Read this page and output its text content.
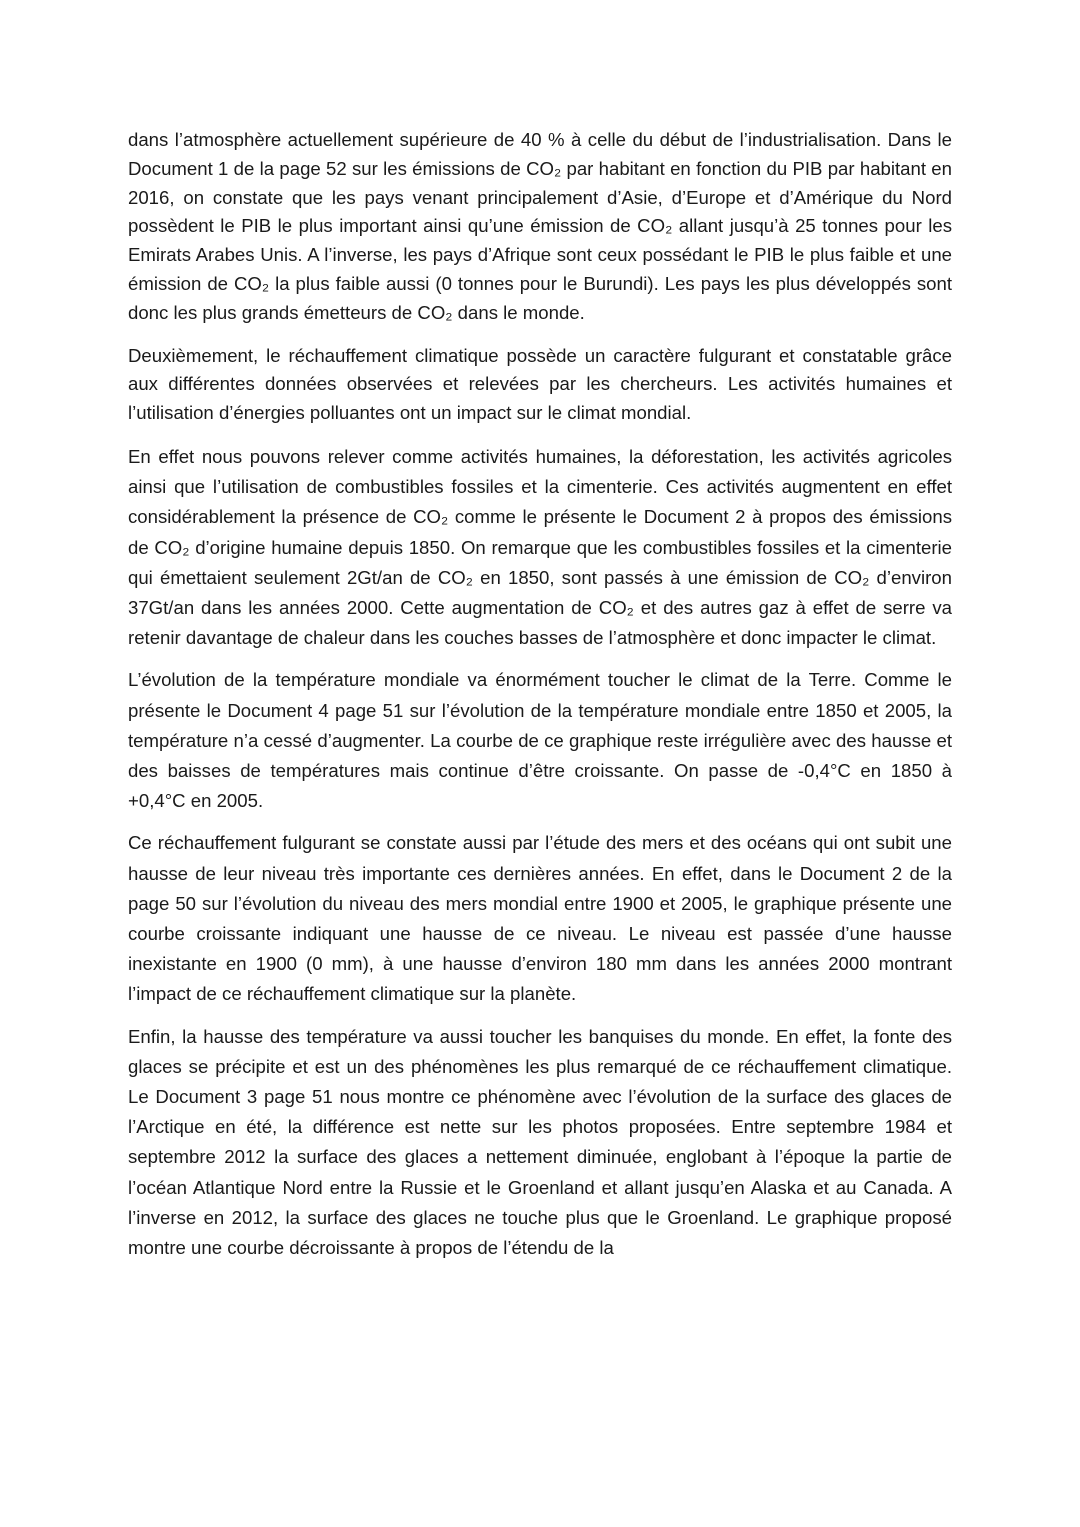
dans l’atmosphère actuellement supérieure de 40 % à celle du début de l’industrialisation. Dans le Document 1 de la page 52 sur les émissions de CO₂ par habitant en fonction du PIB par habitant en 2016, on constate que les pays venant principalement d’Asie, d’Europe et d’Amérique du Nord possèdent le PIB le plus important ainsi qu’une émission de CO₂ allant jusqu’à 25 tonnes pour les Emirats Arabes Unis. A l’inverse, les pays d’Afrique sont ceux possédant le PIB le plus faible et une émission de CO₂ la plus faible aussi (0 tonnes pour le Burundi). Les pays les plus développés sont donc les plus grands émetteurs de CO₂ dans le monde.

Deuxièmement, le réchauffement climatique possède un caractère fulgurant et constatable grâce aux différentes données observées et relevées par les chercheurs. Les activités humaines et l’utilisation d’énergies polluantes ont un impact sur le climat mondial.

En effet nous pouvons relever comme activités humaines, la déforestation, les activités agricoles ainsi que l’utilisation de combustibles fossiles et la cimenterie. Ces activités augmentent en effet considérablement la présence de CO₂ comme le présente le Document 2 à propos des émissions de CO₂ d’origine humaine depuis 1850. On remarque que les combustibles fossiles et la cimenterie qui émettaient seulement 2Gt/an de CO₂ en 1850, sont passés à une émission de CO₂ d’environ 37Gt/an dans les années 2000. Cette augmentation de CO₂ et des autres gaz à effet de serre va retenir davantage de chaleur dans les couches basses de l’atmosphère et donc impacter le climat.

L’évolution de la température mondiale va énormément toucher le climat de la Terre. Comme le présente le Document 4 page 51 sur l’évolution de la température mondiale entre 1850 et 2005, la température n’a cessé d’augmenter. La courbe de ce graphique reste irrégulière avec des hausse et des baisses de températures mais continue d’être croissante. On passe de -0,4°C en 1850 à +0,4°C en 2005.

Ce réchauffement fulgurant se constate aussi par l’étude des mers et des océans qui ont subit une hausse de leur niveau très importante ces dernières années. En effet, dans le Document 2 de la page 50 sur l’évolution du niveau des mers mondial entre 1900 et 2005, le graphique présente une courbe croissante indiquant une hausse de ce niveau. Le niveau est passée d’une hausse inexistante en 1900 (0 mm), à une hausse d’environ 180 mm dans les années 2000 montrant l’impact de ce réchauffement climatique sur la planète.

Enfin, la hausse des température va aussi toucher les banquises du monde. En effet, la fonte des glaces se précipite et est un des phénomènes les plus remarqué de ce réchauffement climatique. Le Document 3 page 51 nous montre ce phénomène avec l’évolution de la surface des glaces de l’Arctique en été, la différence est nette sur les photos proposées. Entre septembre 1984 et septembre 2012 la surface des glaces a nettement diminuée, englobant à l’époque la partie de l’océan Atlantique Nord entre la Russie et le Groenland et allant jusqu’en Alaska et au Canada. A l’inverse en 2012, la surface des glaces ne touche plus que le Groenland. Le graphique proposé montre une courbe décroissante à propos de l’étendu de la
